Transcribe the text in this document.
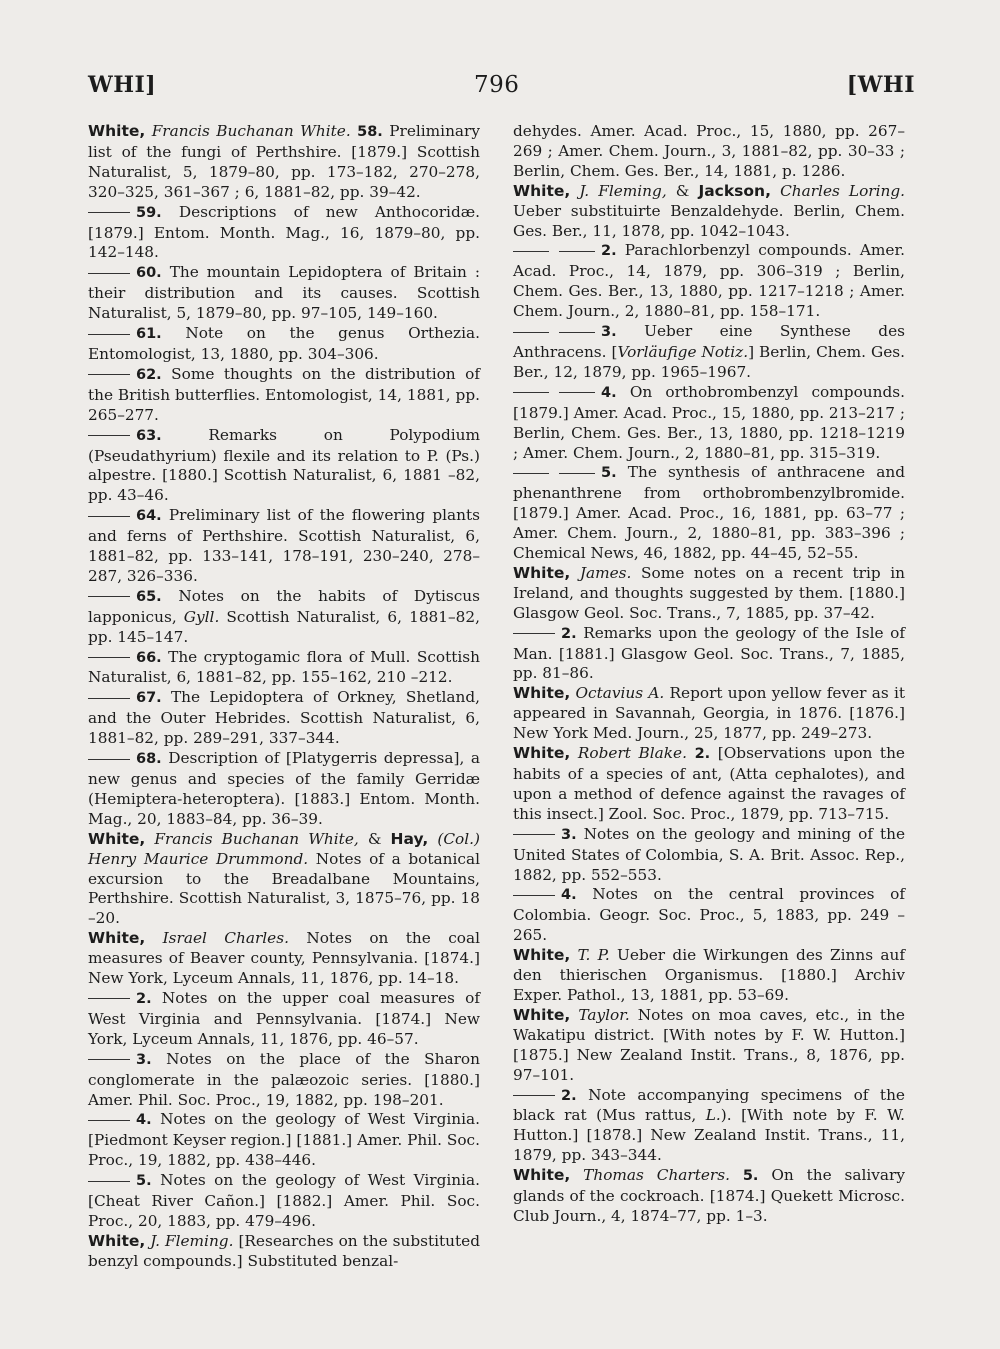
WHI]	796	[WHI
White, Francis Buchanan White. 58. Preliminary list of the fungi of Perthshire. [1879.] Scottish Naturalist, 5, 1879–80, pp. 173–182, 270–278, 320–325, 361–367 ; 6, 1881–82, pp. 39–42.
59. Descriptions of new Anthocoridæ. [1879.] Entom. Month. Mag., 16, 1879–80, pp. 142–148.
60. The mountain Lepidoptera of Britain : their distribution and its causes. Scottish Naturalist, 5, 1879–80, pp. 97–105, 149–160.
61. Note on the genus Orthezia. Entomologist, 13, 1880, pp. 304–306.
62. Some thoughts on the distribution of the British butterflies. Entomologist, 14, 1881, pp. 265–277.
63.	Remarks on Polypodium (Pseudathyrium) flexile and its relation to P. (Ps.) alpestre. [1880.] Scottish Naturalist, 6, 1881 –82, pp. 43–46.
64. Preliminary list of the flowering plants and ferns of Perthshire. Scottish Naturalist, 6, 1881–82, pp. 133–141, 178–191, 230–240, 278–287, 326–336.
65. Notes on the habits of Dytiscus lapponicus, Gyll. Scottish Naturalist, 6, 1881–82, pp. 145–147.
66. The cryptogamic flora of Mull. Scottish Naturalist, 6, 1881–82, pp. 155–162, 210 –212.
67. The Lepidoptera of Orkney, Shetland, and the Outer Hebrides. Scottish Naturalist, 6, 1881–82, pp. 289–291, 337–344.
68. Description of [Platygerris depressa], a new genus and species of the family Gerridæ (Hemiptera-heteroptera). [1883.] Entom. Month. Mag., 20, 1883–84, pp. 36–39.
White, Francis Buchanan White, & Hay, (Col.) Henry Maurice Drummond. Notes of a botanical excursion to the Breadalbane Mountains, Perthshire. Scottish Naturalist, 3, 1875–76, pp. 18 –20.
White, Israel Charles. Notes on the coal measures of Beaver county, Pennsylvania. [1874.] New York, Lyceum Annals, 11, 1876, pp. 14–18.
2. Notes on the upper coal measures of West Virginia and Pennsylvania. [1874.] New York, Lyceum Annals, 11, 1876, pp. 46–57.
3. Notes on the place of the Sharon conglomerate in the palæozoic series. [1880.] Amer. Phil. Soc. Proc., 19, 1882, pp. 198–201.
4. Notes on the geology of West Virginia. [Piedmont Keyser region.] [1881.] Amer. Phil. Soc. Proc., 19, 1882, pp. 438–446.
5. Notes on the geology of West Virginia. [Cheat River Cañon.] [1882.] Amer. Phil. Soc. Proc., 20, 1883, pp. 479–496.
White, J. Fleming. [Researches on the substituted benzyl compounds.] Substituted benzal-
dehydes. Amer. Acad. Proc., 15, 1880, pp. 267–269 ; Amer. Chem. Journ., 3, 1881–82, pp. 30–33 ; Berlin, Chem. Ges. Ber., 14, 1881, p. 1286.
White, J. Fleming, & Jackson, Charles Loring. Ueber substituirte Benzaldehyde. Berlin, Chem. Ges. Ber., 11, 1878, pp. 1042–1043.
2. Parachlorbenzyl compounds. Amer. Acad. Proc., 14, 1879, pp. 306–319 ; Berlin, Chem. Ges. Ber., 13, 1880, pp. 1217–1218 ; Amer. Chem. Journ., 2, 1880–81, pp. 158–171.
3. Ueber eine Synthese des Anthracens. [Vorläufige Notiz.] Berlin, Chem. Ges. Ber., 12, 1879, pp. 1965–1967.
4. On orthobrombenzyl compounds. [1879.] Amer. Acad. Proc., 15, 1880, pp. 213–217 ; Berlin, Chem. Ges. Ber., 13, 1880, pp. 1218–1219 ; Amer. Chem. Journ., 2, 1880–81, pp. 315–319.
5. The synthesis of anthracene and phenanthrene from orthobrombenzylbromide. [1879.] Amer. Acad. Proc., 16, 1881, pp. 63–77 ; Amer. Chem. Journ., 2, 1880–81, pp. 383–396 ; Chemical News, 46, 1882, pp. 44–45, 52–55.
White, James. Some notes on a recent trip in Ireland, and thoughts suggested by them. [1880.] Glasgow Geol. Soc. Trans., 7, 1885, pp. 37–42.
2. Remarks upon the geology of the Isle of Man. [1881.] Glasgow Geol. Soc. Trans., 7, 1885, pp. 81–86.
White, Octavius A. Report upon yellow fever as it appeared in Savannah, Georgia, in 1876. [1876.] New York Med. Journ., 25, 1877, pp. 249–273.
White, Robert Blake. 2. [Observations upon the habits of a species of ant, (Atta cephalotes), and upon a method of defence against the ravages of this insect.] Zool. Soc. Proc., 1879, pp. 713–715.
3. Notes on the geology and mining of the United States of Colombia, S. A. Brit. Assoc. Rep., 1882, pp. 552–553.
4. Notes on the central provinces of Colombia. Geogr. Soc. Proc., 5, 1883, pp. 249 –265.
White, T. P. Ueber die Wirkungen des Zinns auf den thierischen Organismus. [1880.] Archiv Exper. Pathol., 13, 1881, pp. 53–69.
White, Taylor. Notes on moa caves, etc., in the Wakatipu district. [With notes by F. W. Hutton.] [1875.] New Zealand Instit. Trans., 8, 1876, pp. 97–101.
2. Note accompanying specimens of the black rat (Mus rattus, L.). [With note by F. W. Hutton.] [1878.] New Zealand Instit. Trans., 11, 1879, pp. 343–344.
White, Thomas Charters. 5. On the salivary glands of the cockroach. [1874.] Quekett Microsc. Club Journ., 4, 1874–77, pp. 1–3.
